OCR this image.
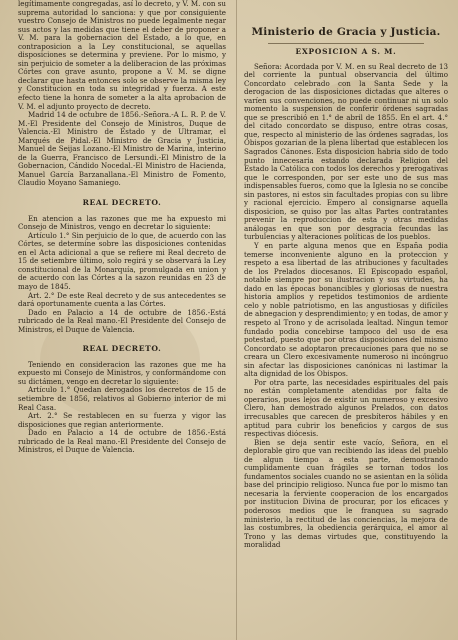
legítimamente congregadas, así lo decreto, y V. M. con su suprema autoridad lo sanciona: y que por consiguiente vuestro Consejo de Ministros no puede legalmente negar sus actos y las medidas que tiene el deber de proponer a V. M. para la gobernacion del Estado, a lo que, en contraposicion a la Ley constitucional, se aquellas disposiciones se determina y previene. Por lo mismo, y sin perjuicio de someter a la deliberacion de las próximas Córtes con grave asunto, propone a V. M. se digne declarar que hasta entonces solo se observe la misma ley y Constitucion en toda su integridad y fuerza. A este efecto tiene la honra de someter a la alta aprobacion de V. M. el adjunto proyecto de decreto.

Madrid 14 de octubre de 1856.-Señora.-A L. R. P. de V. M.-El Presidente del Consejo de Ministros, Duque de Valencia.-El Ministro de Estado y de Ultramar, el Marqués de Pidal.-El Ministro de Gracia y Justicia, Manuel de Seijas Lozano.-El Ministro de Marina, interino de la Guerra, Francisco de Lersundi.-El Ministro de la Gobernacion, Cándido Nocedal.-El Ministro de Hacienda, Manuel García Barzanallana.-El Ministro de Fomento, Claudio Moyano Samaniego.

REAL DECRETO.

En atencion a las razones que me ha expuesto mi Consejo de Ministros, vengo en decretar lo siguiente:

Artículo 1.° Sin perjuicio de lo que, de acuerdo con las Córtes, se determine sobre las disposiciones contenidas en el Acta adicional a que se refiere mi Real decreto de 15 de setiembre último, solo regirá y se observará la Ley constitucional de la Monarquía, promulgada en union y de acuerdo con las Córtes a la sazon reunidas en 23 de mayo de 1845.

Art. 2.° De este Real decreto y de sus antecedentes se dará oportunamente cuenta a las Córtes.

Dado en Palacio a 14 de octubre de 1856.-Está rubricado de la Real mano.-El Presidente del Consejo de Ministros, el Duque de Valencia.

REAL DECRETO.

Teniendo en consideracion las razones que me ha expuesto mi Consejo de Ministros, y conformándome con su dictámen, vengo en decretar lo siguiente:

Artículo 1.° Quedan derogados los decretos de 15 de setiembre de 1856, relativos al Gobierno interior de mi Real Casa.

Art. 2.° Se restablecen en su fuerza y vigor las disposiciones que regian anteriormente.

Dado en Palacio a 14 de octubre de 1856.-Está rubricado de la Real mano.-El Presidente del Consejo de Ministros, el Duque de Valencia.

Ministerio de Gracia y Justicia.
EXPOSICION A S. M.

Señora: Acordada por V. M. en su Real decreto de 13 del corriente la puntual observancia del último Concordato celebrado con la Santa Sede y la derogacion de las disposiciones dictadas que alteres o varíen sus convenciones, no puede continuar ni un solo momento la suspension de conferir órdenes sagradas que se prescribió en 1.° de abril de 1855. En el art. 4.° del citado concordato se dispuso, entre otras cosas, que, respecto al ministerio de las órdenes sagradas, los Obispos gozarian de la plena libertad que establecen los Sagrados Cánones. Esta disposicion habria sido de todo punto innecesaria estando declarada Religion del Estado la Católica con todos los derechos y prerogativas que le corresponden, por ser este uno de sus mas indispensables fueros, como que la Iglesia no se concibe sin pastores, ni estos sin facultades propias con su libre y racional ejercicio. Empero al consignarse aquella disposicion, se quiso por las altas Partes contratantes prevenir la reproduccion de esta y otras medidas análogas en que son por desgracia fecundas las turbulencias y alteraciones políticas de los pueblos.

Y en parte alguna menos que en España podia temerse inconveniente alguno en la proteccion y respeto a esa libertad de las atribuciones y facultades de los Prelados diocesanos. El Episcopado español, notable siempre por su ilustracion y sus virtudes, ha dado en las épocas bonancibles y gloriosas de nuestra historia amplios y repetidos testimonios de ardiente celo y noble patriotismo, en las angustiosas y difíciles de abnegacion y desprendimiento; y en todas, de amor y respeto al Trono y de acrisolada lealtad. Ningun temor fundado podia concebirse tampoco del uso de esa potestad, puesto que por otras disposiciones del mismo Concordato se adoptaron precauciones para que no se creara un Clero excesivamente numeroso ni incóngruo sin afectar las disposiciones canónicas ni lastimar la alta dignidad de los Obispos.

Por otra parte, las necesidades espirituales del país no están completamente atendidas por falta de operarios, pues lejos de existir un numeroso y excesivo Clero, han demostrado algunos Prelados, con datos irrecusables que carecen de presbíteros hábiles y en aptitud para cubrir los beneficios y cargos de sus respectivas diócesis.

Bien se deja sentir este vacío, Señora, en el deplorable giro que van recibiendo las ideas del pueblo de algun tiempo a esta parte, demostrando cumplidamente cuan frágiles se tornan todos los fundamentos sociales cuando no se asientan en la sólida base del principio religioso. Nunca fue por lo mismo tan necesaria la ferviente cooperacion de los encargados por institucion Divina de procurar, por los eficaces y poderosos medios que le franquea su sagrado ministerio, la rectitud de las conciencias, la mejora de las costumbres, la obediencia gerárquica, el amor al Trono y las demas virtudes que, constituyendo la moralidad
